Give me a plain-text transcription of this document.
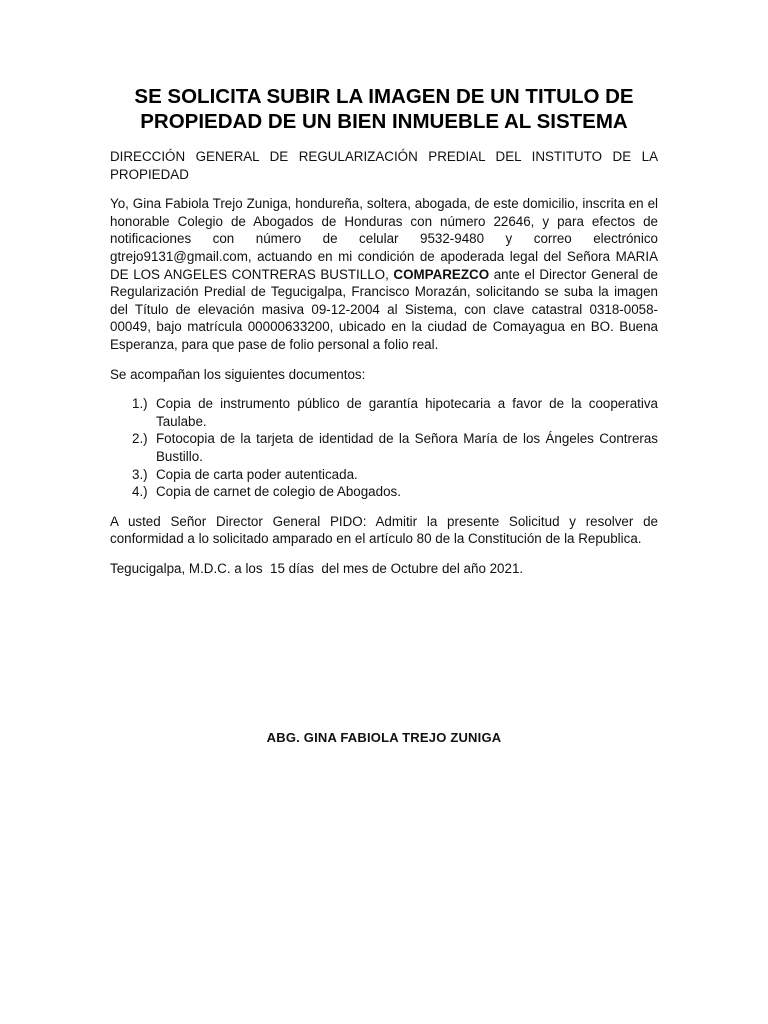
SE SOLICITA SUBIR LA IMAGEN DE UN TITULO DE
PROPIEDAD DE UN BIEN INMUEBLE AL SISTEMA

DIRECCIÓN GENERAL DE REGULARIZACIÓN PREDIAL DEL INSTITUTO DE LA PROPIEDAD

Yo, Gina Fabiola Trejo Zuniga, hondureña, soltera, abogada, de este domicilio, inscrita en el honorable Colegio de Abogados de Honduras con número 22646, y para efectos de notificaciones con número de celular 9532-9480 y correo electrónico gtrejo9131@gmail.com, actuando en mi condición de apoderada legal del Señora MARIA DE LOS ANGELES CONTRERAS BUSTILLO, COMPAREZCO ante el Director General de Regularización Predial de Tegucigalpa, Francisco Morazán, solicitando se suba la imagen del Título de elevación masiva 09-12-2004 al Sistema, con clave catastral 0318-0058-00049, bajo matrícula 00000633200, ubicado en la ciudad de Comayagua en BO. Buena Esperanza, para que pase de folio personal a folio real.

Se acompañan los siguientes documentos:

1.) Copia de instrumento público de garantía hipotecaria a favor de la cooperativa Taulabe.
2.) Fotocopia de la tarjeta de identidad de la Señora María de los Ángeles Contreras Bustillo.
3.) Copia de carta poder autenticada.
4.) Copia de carnet de colegio de Abogados.

A usted Señor Director General PIDO: Admitir la presente Solicitud y resolver de conformidad a lo solicitado amparado en el artículo 80 de la Constitución de la Republica.

Tegucigalpa, M.D.C. a los  15 días  del mes de Octubre del año 2021.

ABG. GINA FABIOLA TREJO ZUNIGA
